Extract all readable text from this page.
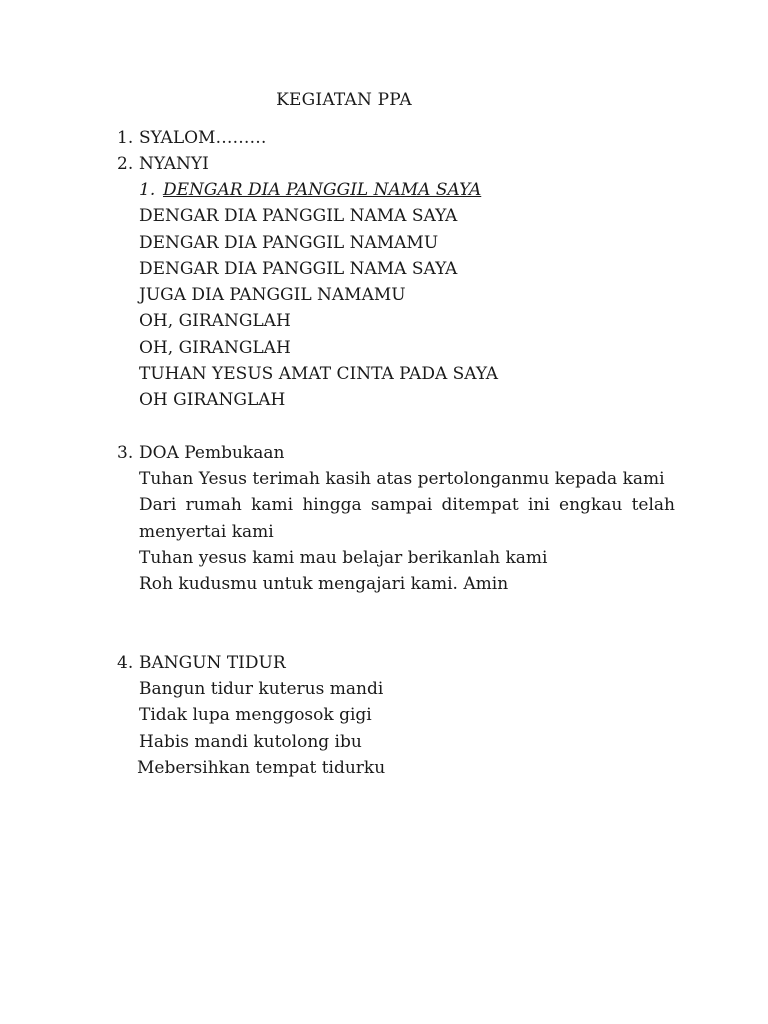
KEGIATAN PPA
1. SYALOM………
2. NYANYI
1. DENGAR DIA PANGGIL NAMA SAYA
DENGAR DIA PANGGIL NAMA SAYA
DENGAR DIA PANGGIL NAMAMU
DENGAR DIA PANGGIL NAMA SAYA
JUGA DIA PANGGIL NAMAMU
OH, GIRANGLAH
OH, GIRANGLAH
TUHAN YESUS AMAT CINTA PADA SAYA
OH GIRANGLAH
3. DOA Pembukaan
Tuhan Yesus terimah kasih atas pertolonganmu kepada kami
Dari rumah kami hingga sampai ditempat ini engkau telah menyertai kami
Tuhan yesus kami mau belajar berikanlah kami
Roh kudusmu untuk mengajari kami. Amin
4. BANGUN TIDUR
Bangun tidur kuterus mandi
Tidak lupa menggosok gigi
Habis mandi kutolong ibu
Mebersihkan tempat tidurku
